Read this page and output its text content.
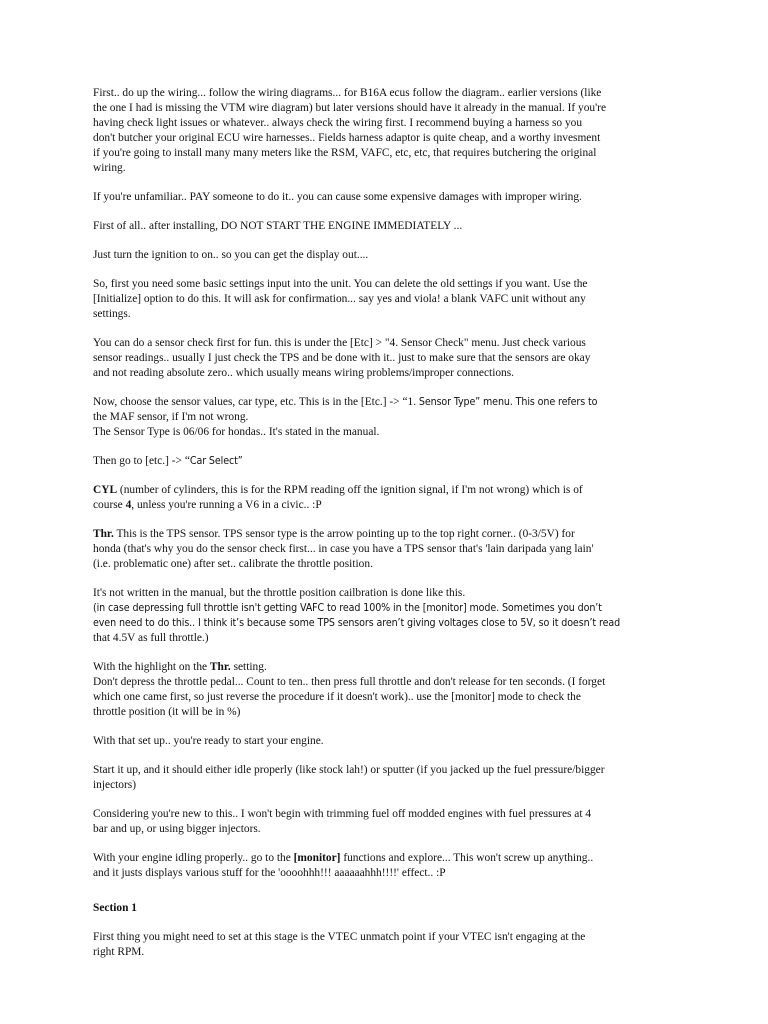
First.. do up the wiring... follow the wiring diagrams... for B16A ecus follow the diagram.. earlier versions (like
the one I had is missing the VTM wire diagram) but later versions should have it already in the manual. If you're
having check light issues or whatever.. always check the wiring first. I recommend buying a harness so you
don't butcher your original ECU wire harnesses.. Fields harness adaptor is quite cheap, and a worthy invesment
if you're going to install many many meters like the RSM, VAFC, etc, etc, that requires butchering the original
wiring.

If you're unfamiliar.. PAY someone to do it.. you can cause some expensive damages with improper wiring.

First of all.. after installing, DO NOT START THE ENGINE IMMEDIATELY ...

Just turn the ignition to on.. so you can get the display out....

So, first you need some basic settings input into the unit. You can delete the old settings if you want. Use the
[Initialize] option to do this. It will ask for confirmation... say yes and viola! a blank VAFC unit without any
settings.

You can do a sensor check first for fun. this is under the [Etc] > "4. Sensor Check" menu. Just check various
sensor readings.. usually I just check the TPS and be done with it.. just to make sure that the sensors are okay
and not reading absolute zero.. which usually means wiring problems/improper connections.

Now, choose the sensor values, car type, etc. This is in the [Etc.] -> “1. Sensor Type” menu. This one refers to
the MAF sensor, if I'm not wrong.
The Sensor Type is 06/06 for hondas.. It's stated in the manual.

Then go to [etc.] -> “Car Select”

CYL (number of cylinders, this is for the RPM reading off the ignition signal, if I'm not wrong) which is of
course 4, unless you're running a V6 in a civic.. :P

Thr. This is the TPS sensor. TPS sensor type is the arrow pointing up to the top right corner.. (0-3/5V) for
honda (that's why you do the sensor check first... in case you have a TPS sensor that's 'lain daripada yang lain'
(i.e. problematic one) after set.. calibrate the throttle position.

It's not written in the manual, but the throttle position cailbration is done like this.
(in case depressing full throttle isn't getting VAFC to read 100% in the [monitor] mode. Sometimes you don’t
even need to do this.. I think it’s because some TPS sensors aren’t giving voltages close to 5V, so it doesn’t read
that 4.5V as full throttle.)

With the highlight on the Thr. setting.
Don't depress the throttle pedal... Count to ten.. then press full throttle and don't release for ten seconds. (I forget
which one came first, so just reverse the procedure if it doesn't work).. use the [monitor] mode to check the
throttle position (it will be in %)

With that set up.. you're ready to start your engine.

Start it up, and it should either idle properly (like stock lah!) or sputter (if you jacked up the fuel pressure/bigger
injectors)

Considering you're new to this.. I won't begin with trimming fuel off modded engines with fuel pressures at 4
bar and up, or using bigger injectors.

With your engine idling properly.. go to the [monitor] functions and explore... This won't screw up anything..
and it justs displays various stuff for the 'oooohhh!!! aaaaaahhh!!!!' effect.. :P

Section 1

First thing you might need to set at this stage is the VTEC unmatch point if your VTEC isn't engaging at the
right RPM.
